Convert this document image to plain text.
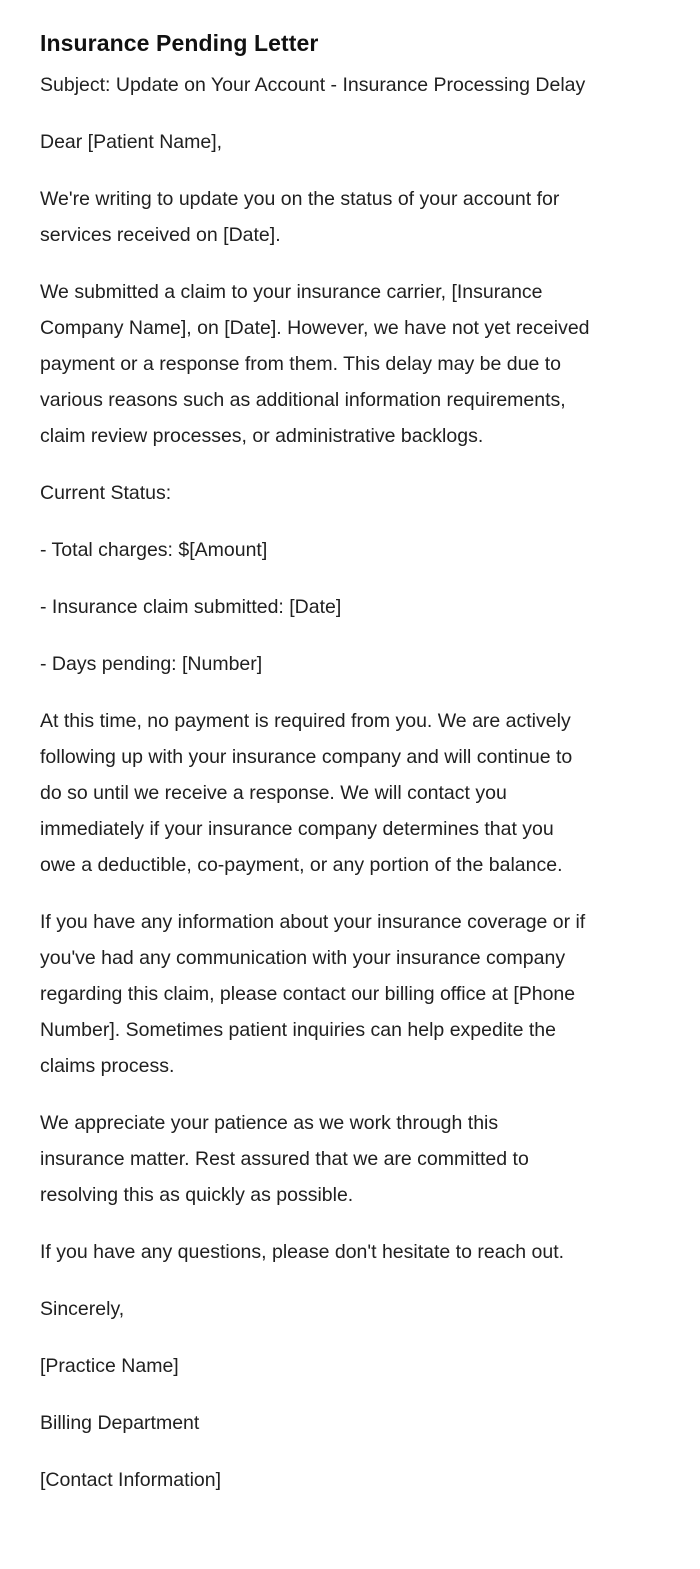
Insurance Pending Letter

Subject: Update on Your Account - Insurance Processing Delay

Dear [Patient Name],

We're writing to update you on the status of your account for
services received on [Date].

We submitted a claim to your insurance carrier, [Insurance
Company Name], on [Date]. However, we have not yet received
payment or a response from them. This delay may be due to
various reasons such as additional information requirements,
claim review processes, or administrative backlogs.

Current Status:

- Total charges: $[Amount]

- Insurance claim submitted: [Date]

- Days pending: [Number]

At this time, no payment is required from you. We are actively
following up with your insurance company and will continue to
do so until we receive a response. We will contact you
immediately if your insurance company determines that you
owe a deductible, co-payment, or any portion of the balance.

If you have any information about your insurance coverage or if
you've had any communication with your insurance company
regarding this claim, please contact our billing office at [Phone
Number]. Sometimes patient inquiries can help expedite the
claims process.

We appreciate your patience as we work through this
insurance matter. Rest assured that we are committed to
resolving this as quickly as possible.

If you have any questions, please don't hesitate to reach out.

Sincerely,

[Practice Name]

Billing Department

[Contact Information]
